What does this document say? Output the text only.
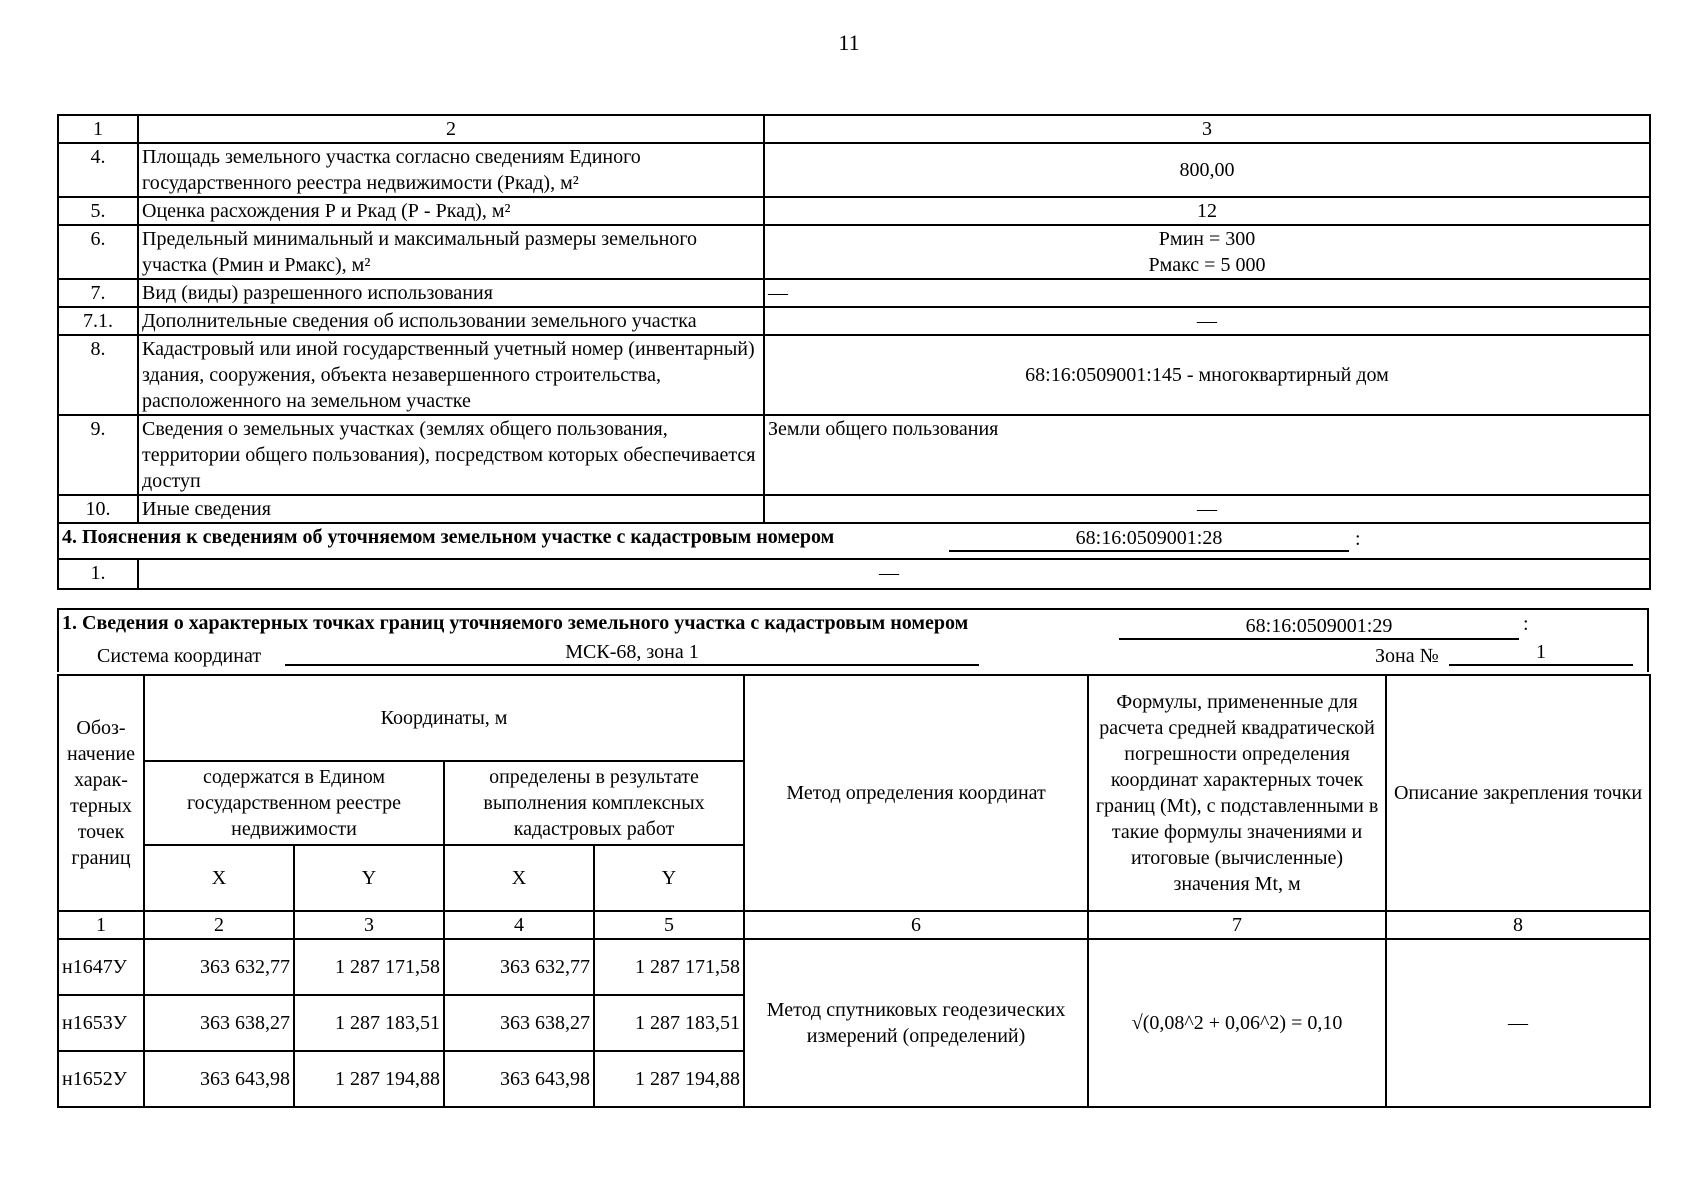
11
1	2	3
4.	Площадь земельного участка согласно сведениям Единого государственного реестра недвижимости (Ркад), м²	800,00
5.	Оценка расхождения Р и Ркад (Р - Ркад), м²	12
6.	Предельный минимальный и максимальный размеры земельного участка (Рмин и Рмакс), м²	Рмин = 300
Рмакс = 5 000

7.	Вид (виды) разрешенного использования	—
7.1.	Дополнительные сведения об использовании земельного участка	—
8.	Кадастровый или иной государственный учетный номер (инвентарный) здания, сооружения, объекта незавершенного строительства, расположенного на земельном участке	68:16:0509001:145 - многоквартирный дом
9.	Сведения о земельных участках (землях общего пользования, территории общего пользования), посредством которых обеспечивается доступ	Земли общего пользования
10.	Иные сведения	—
4. Пояснения к сведениям об уточняемом земельном участке с кадастровым номером 68:16:0509001:28 :		

1.	—	
1. Сведения о характерных точках границ уточняемого земельного участка с кадастровым номером	68:16:0509001:29	:
Система координат	МСК-68, зона 1	Зона №	1
Обоз-начение харак-терных точек границ	Координаты, м				Метод определения координат	Формулы, примененные для расчета средней квадратической погрешности определения координат характерных точек границ (Mt), с подставленными в такие формулы значениями и итоговые (вычисленные) значения Mt, м	Описание закрепления точки
	содержатся в Едином государственном реестре недвижимости		определены в результате выполнения комплексных кадастровых работ				
	X	Y	X	Y			
1	2	3	4	5	6	7	8
н1647У	363 632,77	1 287 171,58	363 632,77	1 287 171,58	Метод спутниковых геодезических измерений (определений)	√(0,08^2 + 0,06^2) = 0,10	—
н1653У	363 638,27	1 287 183,51	363 638,27	1 287 183,51			
н1652У	363 643,98	1 287 194,88	363 643,98	1 287 194,88			
